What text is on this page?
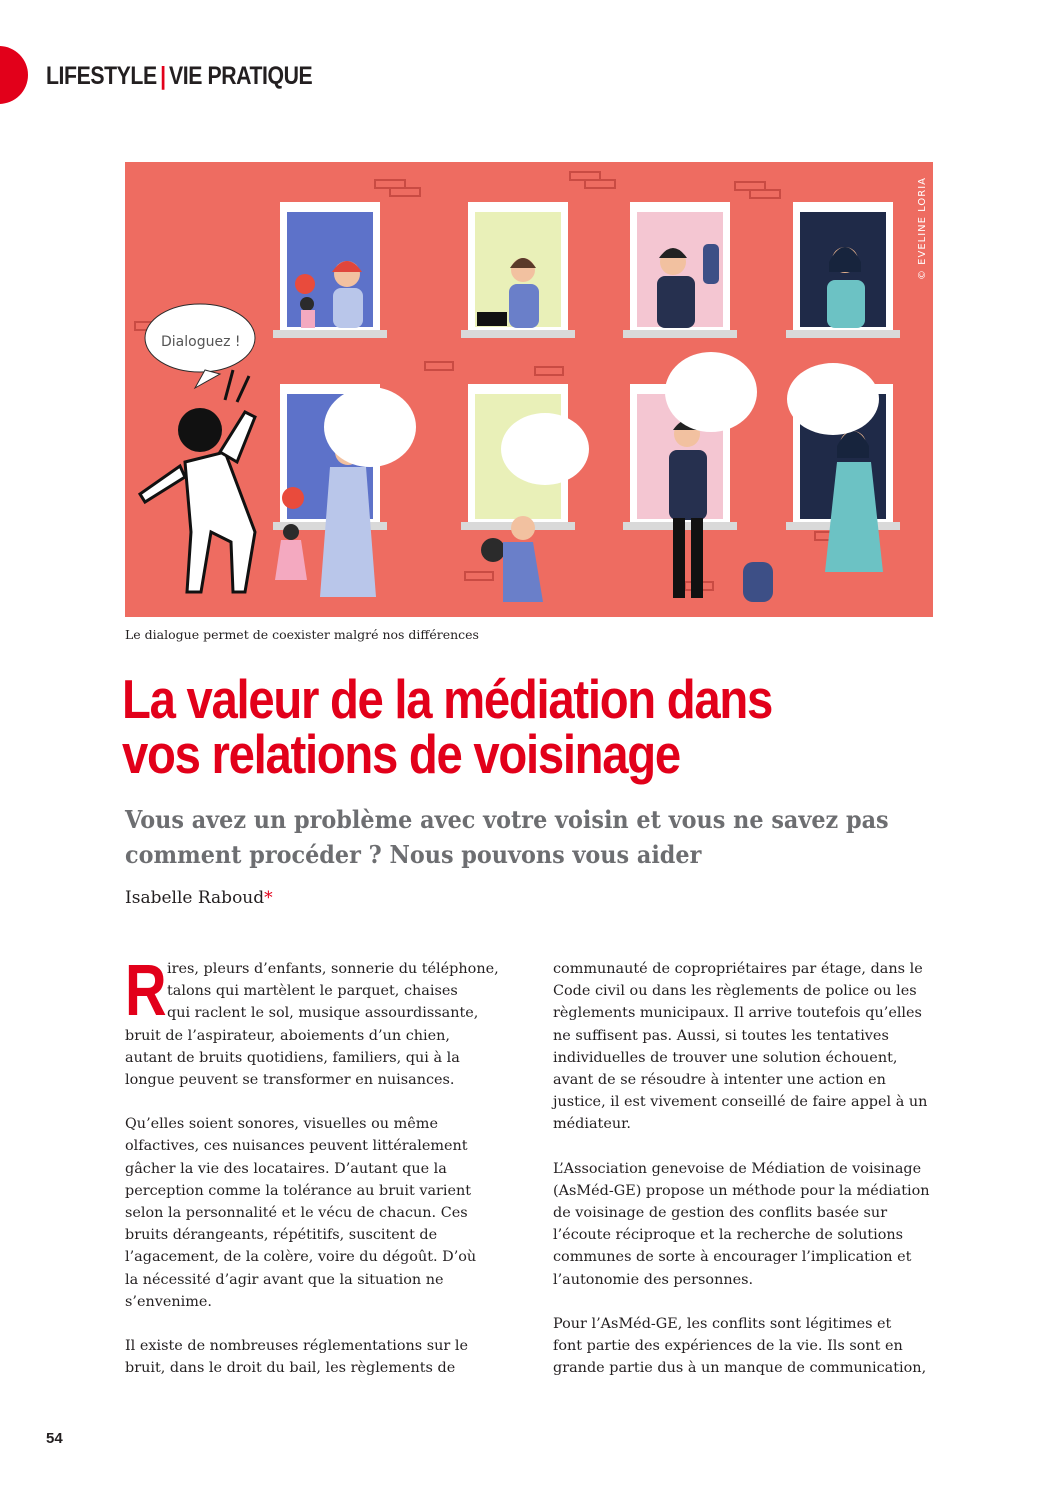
LIFESTYLE | VIE PRATIQUE
Dialoguez !
© EVELINE LORIA
Le dialogue permet de coexister malgré nos différences
La valeur de la médiation dans
vos relations de voisinage
Vous avez un problème avec votre voisin et vous ne savez pas
comment procéder ? Nous pouvons vous aider
Isabelle Raboud*

R ires, pleurs d’enfants, sonnerie du téléphone,
talons qui martèlent le parquet, chaises
qui raclent le sol, musique assourdissante,
bruit de l’aspirateur, aboiements d’un chien,
autant de bruits quotidiens, familiers, qui à la
longue peuvent se transformer en nuisances.

Qu’elles soient sonores, visuelles ou même
olfactives, ces nuisances peuvent littéralement
gâcher la vie des locataires. D’autant que la
perception comme la tolérance au bruit varient
selon la personnalité et le vécu de chacun. Ces
bruits dérangeants, répétitifs, suscitent de
l’agacement, de la colère, voire du dégoût. D’où
la nécessité d’agir avant que la situation ne
s’envenime.

Il existe de nombreuses réglementations sur le
bruit, dans le droit du bail, les règlements de

communauté de copropriétaires par étage, dans le
Code civil ou dans les règlements de police ou les
règlements municipaux. Il arrive toutefois qu’elles
ne suffisent pas. Aussi, si toutes les tentatives
individuelles de trouver une solution échouent,
avant de se résoudre à intenter une action en
justice, il est vivement conseillé de faire appel à un
médiateur.

L’Association genevoise de Médiation de voisinage
(AsMéd-GE) propose un méthode pour la médiation
de voisinage de gestion des conflits basée sur
l’écoute réciproque et la recherche de solutions
communes de sorte à encourager l’implication et
l’autonomie des personnes.

Pour l’AsMéd-GE, les conflits sont légitimes et
font partie des expériences de la vie. Ils sont en
grande partie dus à un manque de communication,

54
